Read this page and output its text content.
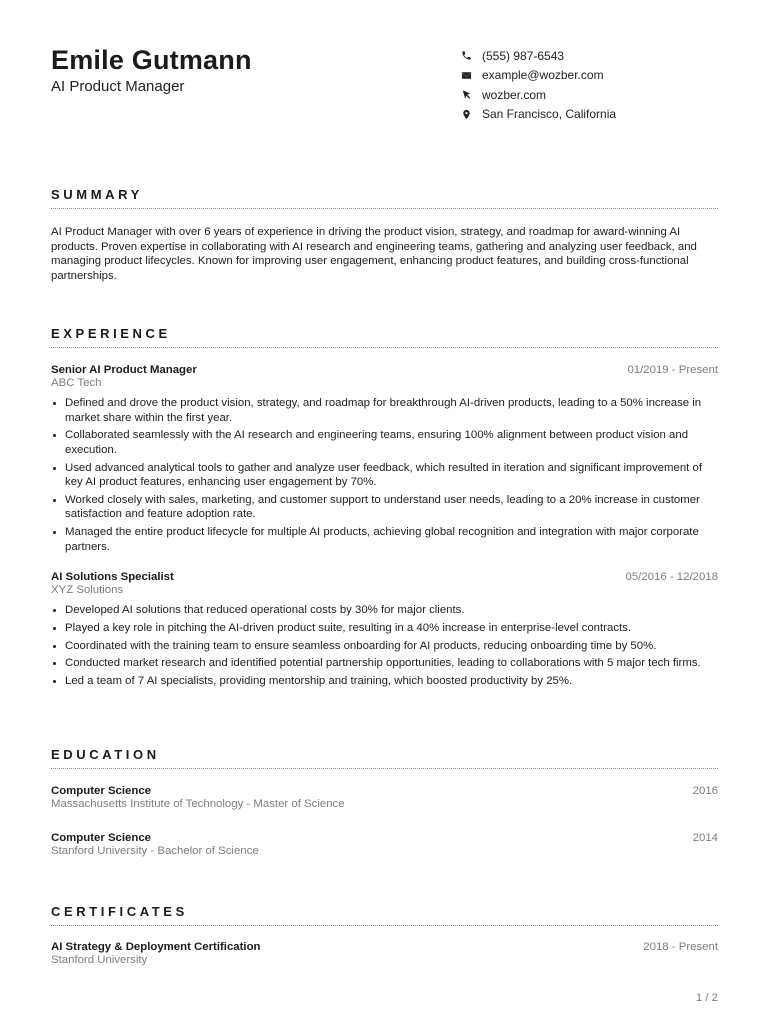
Emile Gutmann
AI Product Manager
(555) 987-6543
example@wozber.com
wozber.com
San Francisco, California
SUMMARY

AI Product Manager with over 6 years of experience in driving the product vision, strategy, and roadmap for award-winning AI products. Proven expertise in collaborating with AI research and engineering teams, gathering and analyzing user feedback, and managing product lifecycles. Known for improving user engagement, enhancing product features, and building cross-functional partnerships.

EXPERIENCE
Senior AI Product Manager
ABC Tech
01/2019 - Present
Defined and drove the product vision, strategy, and roadmap for breakthrough AI-driven products, leading to a 50% increase in market share within the first year.
Collaborated seamlessly with the AI research and engineering teams, ensuring 100% alignment between product vision and execution.
Used advanced analytical tools to gather and analyze user feedback, which resulted in iteration and significant improvement of key AI product features, enhancing user engagement by 70%.
Worked closely with sales, marketing, and customer support to understand user needs, leading to a 20% increase in customer satisfaction and feature adoption rate.
Managed the entire product lifecycle for multiple AI products, achieving global recognition and integration with major corporate partners.
AI Solutions Specialist
XYZ Solutions
05/2016 - 12/2018
Developed AI solutions that reduced operational costs by 30% for major clients.
Played a key role in pitching the AI-driven product suite, resulting in a 40% increase in enterprise-level contracts.
Coordinated with the training team to ensure seamless onboarding for AI products, reducing onboarding time by 50%.
Conducted market research and identified potential partnership opportunities, leading to collaborations with 5 major tech firms.
Led a team of 7 AI specialists, providing mentorship and training, which boosted productivity by 25%.
EDUCATION
Computer Science
Massachusetts Institute of Technology - Master of Science
2016
Computer Science
Stanford University - Bachelor of Science
2014
CERTIFICATES
AI Strategy & Deployment Certification
Stanford University
2018 - Present
1 / 2
